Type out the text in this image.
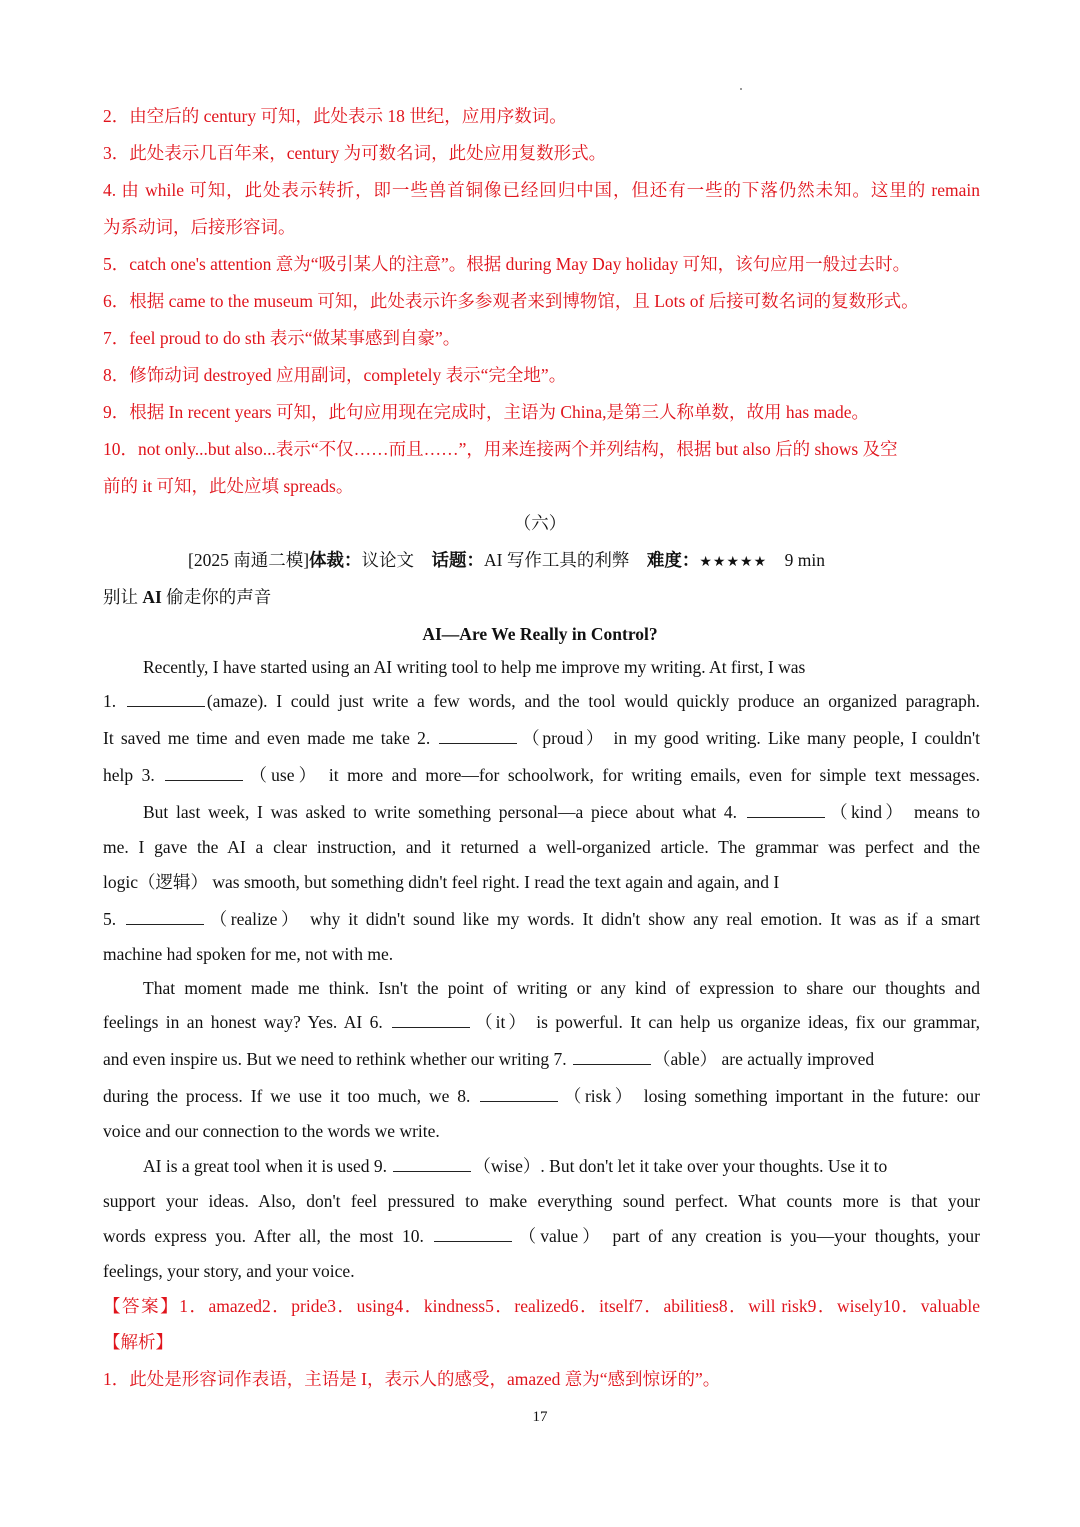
2．由空后的 century 可知，此处表示 18 世纪，应用序数词。
3．此处表示几百年来，century 为可数名词，此处应用复数形式。
4. 由 while 可知，此处表示转折，即一些兽首铜像已经回归中国，但还有一些的下落仍然未知。这里的 remain
为系动词，后接形容词。
5．catch one's attention 意为“吸引某人的注意”。根据 during May Day holiday 可知，该句应用一般过去时。
6．根据 came to the museum 可知，此处表示许多参观者来到博物馆，且 Lots of 后接可数名词的复数形式。
7．feel proud to do sth 表示“做某事感到自豪”。
8．修饰动词 destroyed 应用副词，completely 表示“完全地”。
9．根据 In recent years 可知，此句应用现在完成时，主语为 China,是第三人称单数，故用 has made。
10．not only...but also...表示“不仅……而且……”，用来连接两个并列结构，根据 but also 后的 shows 及空
前的 it 可知，此处应填 spreads。
（六）
[2025 南通二模]体裁：议论文 话题：AI 写作工具的利弊 难度：★★★★★ 9 min
别让 AI 偷走你的声音
AI—Are We Really in Control?
Recently, I have started using an AI writing tool to help me improve my writing. At first, I was
1.	(amaze). I could just write a few words, and the tool would quickly produce an organized paragraph.
It saved me time and even made me take 2.	（proud） in my good writing. Like many people, I couldn't
help 3.	（use） it more and more—for schoolwork, for writing emails, even for simple text messages.
But last week, I was asked to write something personal—a piece about what 4.	（kind） means to
me. I gave the AI a clear instruction, and it returned a well-organized article. The grammar was perfect and the
logic（逻辑） was smooth, but something didn't feel right. I read the text again and again, and I
5.	（realize） why it didn't sound like my words. It didn't show any real emotion. It was as if a smart
machine had spoken for me, not with me.
That moment made me think. Isn't the point of writing or any kind of expression to share our thoughts and
feelings in an honest way? Yes. AI 6.	（it） is powerful. It can help us organize ideas, fix our grammar,
and even inspire us. But we need to rethink whether our writing 7.	（able） are actually improved
during the process. If we use it too much, we 8.	（risk） losing something important in the future: our
voice and our connection to the words we write.
AI is a great tool when it is used 9.	（wise）. But don't let it take over your thoughts. Use it to
support your ideas. Also, don't feel pressured to make everything sound perfect. What counts more is that your
words express you. After all, the most 10.	（value） part of any creation is you—your thoughts, your
feelings, your story, and your voice.
【答案】1．amazed2．pride3．using4．kindness5．realized6．itself7．abilities8．will risk9．wisely10．valuable
【解析】
1．此处是形容词作表语，主语是 I，表示人的感受，amazed 意为“感到惊讶的”。
17
